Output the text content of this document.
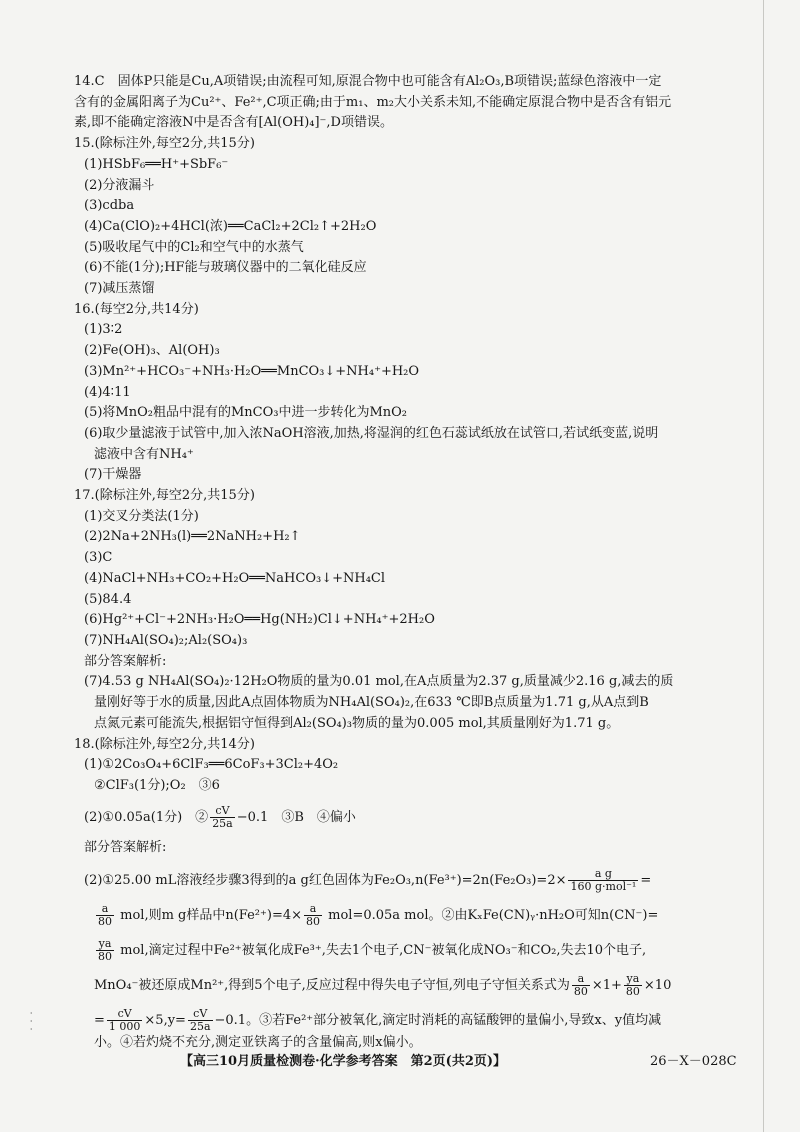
⸱
⸱
⸱
14.C　固体P只能是Cu,A项错误;由流程可知,原混合物中也可能含有Al₂O₃,B项错误;蓝绿色溶液中一定
含有的金属阳离子为Cu²⁺、Fe²⁺,C项正确;由于m₁、m₂大小关系未知,不能确定原混合物中是否含有铝元
素,即不能确定溶液N中是否含有[Al(OH)₄]⁻,D项错误。
15.(除标注外,每空2分,共15分)
(1)HSbF₆══H⁺+SbF₆⁻
(2)分液漏斗
(3)cdba
(4)Ca(ClO)₂+4HCl(浓)══CaCl₂+2Cl₂↑+2H₂O
(5)吸收尾气中的Cl₂和空气中的水蒸气
(6)不能(1分);HF能与玻璃仪器中的二氧化硅反应
(7)减压蒸馏
16.(每空2分,共14分)
(1)3∶2
(2)Fe(OH)₃、Al(OH)₃
(3)Mn²⁺+HCO₃⁻+NH₃·H₂O══MnCO₃↓+NH₄⁺+H₂O
(4)4∶11
(5)将MnO₂粗品中混有的MnCO₃中进一步转化为MnO₂
(6)取少量滤液于试管中,加入浓NaOH溶液,加热,将湿润的红色石蕊试纸放在试管口,若试纸变蓝,说明
滤液中含有NH₄⁺
(7)干燥器
17.(除标注外,每空2分,共15分)
(1)交叉分类法(1分)
(2)2Na+2NH₃(l)══2NaNH₂+H₂↑
(3)C
(4)NaCl+NH₃+CO₂+H₂O══NaHCO₃↓+NH₄Cl
(5)84.4
(6)Hg²⁺+Cl⁻+2NH₃·H₂O══Hg(NH₂)Cl↓+NH₄⁺+2H₂O
(7)NH₄Al(SO₄)₂;Al₂(SO₄)₃
部分答案解析:
(7)4.53 g NH₄Al(SO₄)₂·12H₂O物质的量为0.01 mol,在A点质量为2.37 g,质量减少2.16 g,减去的质
量刚好等于水的质量,因此A点固体物质为NH₄Al(SO₄)₂,在633 ℃即B点质量为1.71 g,从A点到B
点氮元素可能流失,根据铝守恒得到Al₂(SO₄)₃物质的量为0.005 mol,其质量刚好为1.71 g。
18.(除标注外,每空2分,共14分)
(1)①2Co₃O₄+6ClF₃══6CoF₃+3Cl₂+4O₂
②ClF₃(1分);O₂　③6
(2)①0.05a(1分)　② $\frac{cV}{25a} -0.1$　③B　④偏小
部分答案解析:
(2)①25.00 mL溶液经步骤3得到的a g红色固体为$Fe_2O_3,n(Fe^{3+})=2n(Fe_2O_3)=2\times \frac{\text{a g}}{\text{160 g·mol⁻¹}}$ =
$\frac{a}{80}$ mol,则m g样品中$n(Fe^{2+})=4\times \frac{a}{80} mol=0.05a$ mol。②由KₓFe(CN)ᵧ·nH₂O可知n(CN⁻)=
$\frac{ya}{80}$ mol,滴定过程中Fe²⁺被氧化成Fe³⁺,失去1个电子,CN⁻被氧化成NO₃⁻和CO₂,失去10个电子,
MnO₄⁻被还原成Mn²⁺,得到5个电子,反应过程中得失电子守恒,列电子守恒关系式为 $\frac{a}{80} \times 1+ \frac{ya}{80} \times 10$
= $\frac{cV}{1 000} \times 5,y= \frac{cV}{25a} -0.1$。③若Fe²⁺部分被氧化,滴定时消耗的高锰酸钾的量偏小,导致x、y值均减
小。④若灼烧不充分,测定亚铁离子的含量偏高,则x偏小。
【高三10月质量检测卷·化学参考答案　第2页(共2页)】	26－X－028C
